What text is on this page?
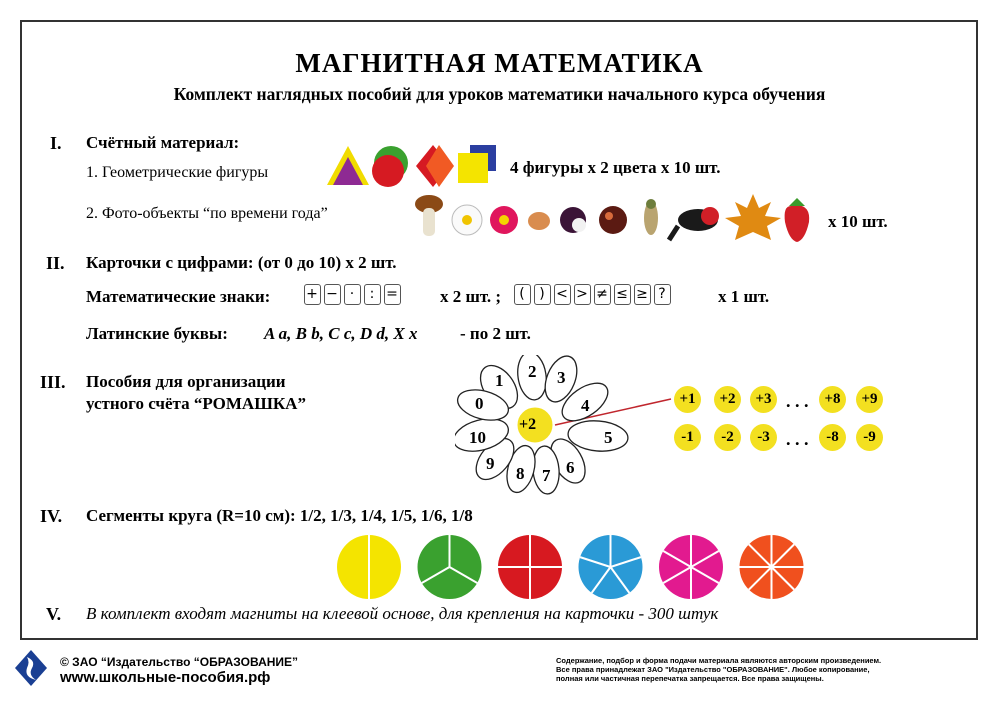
МАГНИТНАЯ МАТЕМАТИКА
Комплект наглядных пособий для уроков математики начального курса обучения
I. Счётный материал:
1. Геометрические фигуры	4 фигуры х 2 цвета х 10 шт.
2. Фото-объекты “по времени года”	х 10 шт.
II. Карточки с цифрами: (от 0 до 10) х 2 шт.
Математические знаки:	+ − · : = х 2 шт. ;	( ) < > ≠ ≤ ≥ ?	х 1 шт.
Латинские буквы: A a, B b, C c, D d, X x	- по 2 шт.
III. Пособия для организации
устного счёта “РОМАШКА”
+2
1 2 3
4
5
6
7
8
9
10
0	+1	+2	+3 . . .	+8	+9
-1	-2	-3 . . .	-8	-9
IV. Сегменты круга (R=10 см): 1/2, 1/3, 1/4, 1/5, 1/6, 1/8
V. В комплект входят магниты на клеевой основе, для крепления на карточки - 300 штук
© ЗАО “Издательство “ОБРАЗОВАНИЕ”
www.школьные-пособия.рф
Содержание, подбор и форма подачи материала являются авторским произведением.
Все права принадлежат ЗАО "Издательство "ОБРАЗОВАНИЕ". Любое копирование,
полная или частичная перепечатка запрещается. Все права защищены.
